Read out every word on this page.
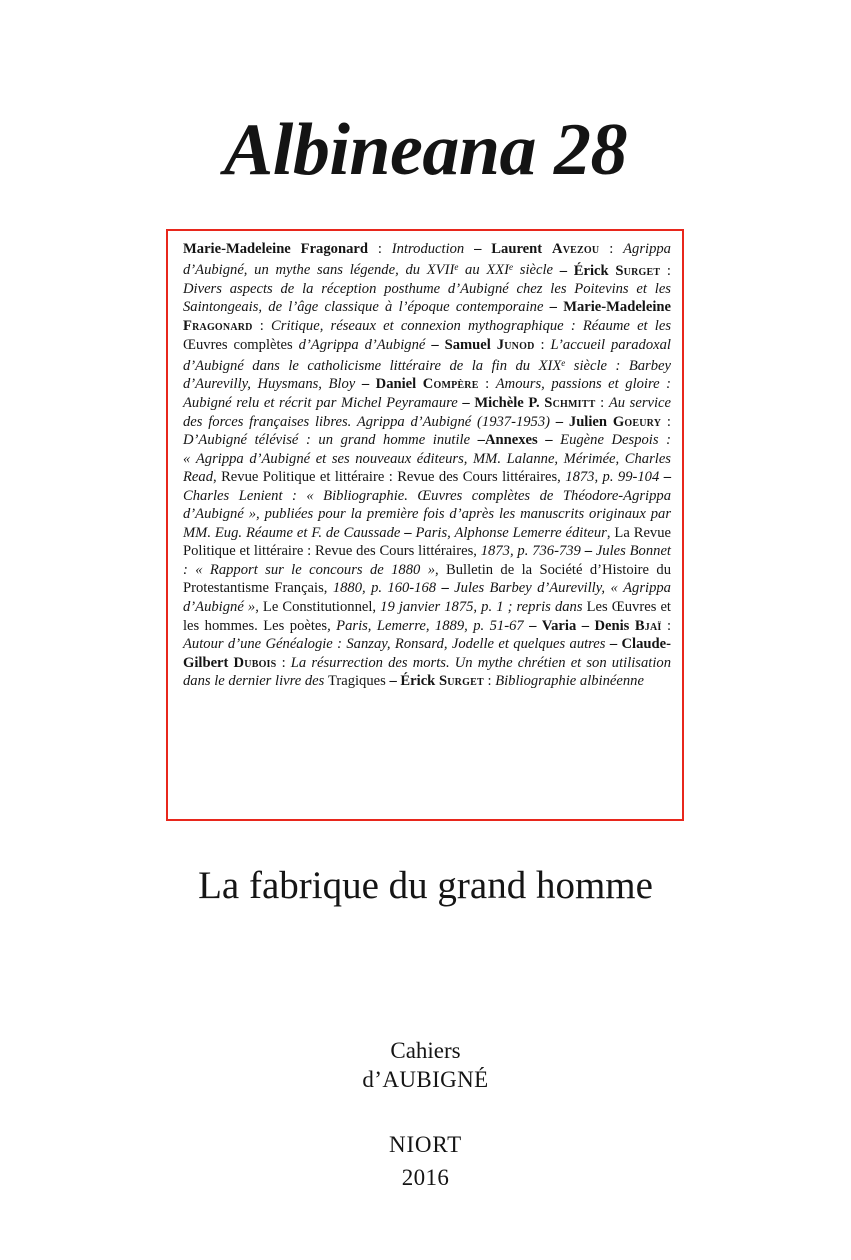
Albineana 28

Marie-Madeleine Fragonard : Introduction – Laurent Avezou : Agrippa d’Aubigné, un mythe sans légende, du XVIIe au XXIe siècle – Érick Surget : Divers aspects de la réception posthume d’Aubigné chez les Poitevins et les Saintongeais, de l’âge classique à l’époque contemporaine – Marie-Madeleine Fragonard : Critique, réseaux et connexion mythographique : Réaume et les Œuvres complètes d’Agrippa d’Aubigné – Samuel Junod : L’accueil paradoxal d’Aubigné dans le catholicisme littéraire de la fin du XIXe siècle : Barbey d’Aurevilly, Huysmans, Bloy – Daniel Compère : Amours, passions et gloire : Aubigné relu et récrit par Michel Peyramaure – Michèle P. Schmitt : Au service des forces françaises libres. Agrippa d’Aubigné (1937-1953) – Julien Goeury : D’Aubigné télévisé : un grand homme inutile –Annexes – Eugène Despois : « Agrippa d’Aubigné et ses nouveaux éditeurs, MM. Lalanne, Mérimée, Charles Read, Revue Politique et littéraire : Revue des Cours littéraires, 1873, p. 99-104 – Charles Lenient : « Bibliographie. Œuvres complètes de Théodore-Agrippa d’Aubigné », publiées pour la première fois d’après les manuscrits originaux par MM. Eug. Réaume et F. de Caussade – Paris, Alphonse Lemerre éditeur, La Revue Politique et littéraire : Revue des Cours littéraires, 1873, p. 736-739 – Jules Bonnet : « Rapport sur le concours de 1880 », Bulletin de la Société d’Histoire du Protestantisme Français, 1880, p. 160-168 – Jules Barbey d’Aurevilly, « Agrippa d’Aubigné », Le Constitutionnel, 19 janvier 1875, p. 1 ; repris dans Les Œuvres et les hommes. Les poètes, Paris, Lemerre, 1889, p. 51-67 – Varia – Denis Bjaï : Autour d’une Généalogie : Sanzay, Ronsard, Jodelle et quelques autres – Claude-Gilbert Dubois : La résurrection des morts. Un mythe chrétien et son utilisation dans le dernier livre des Tragiques – Érick Surget : Bibliographie albinéenne

La fabrique du grand homme
Cahiers
d’AUBIGNÉ
NIORT
2016
